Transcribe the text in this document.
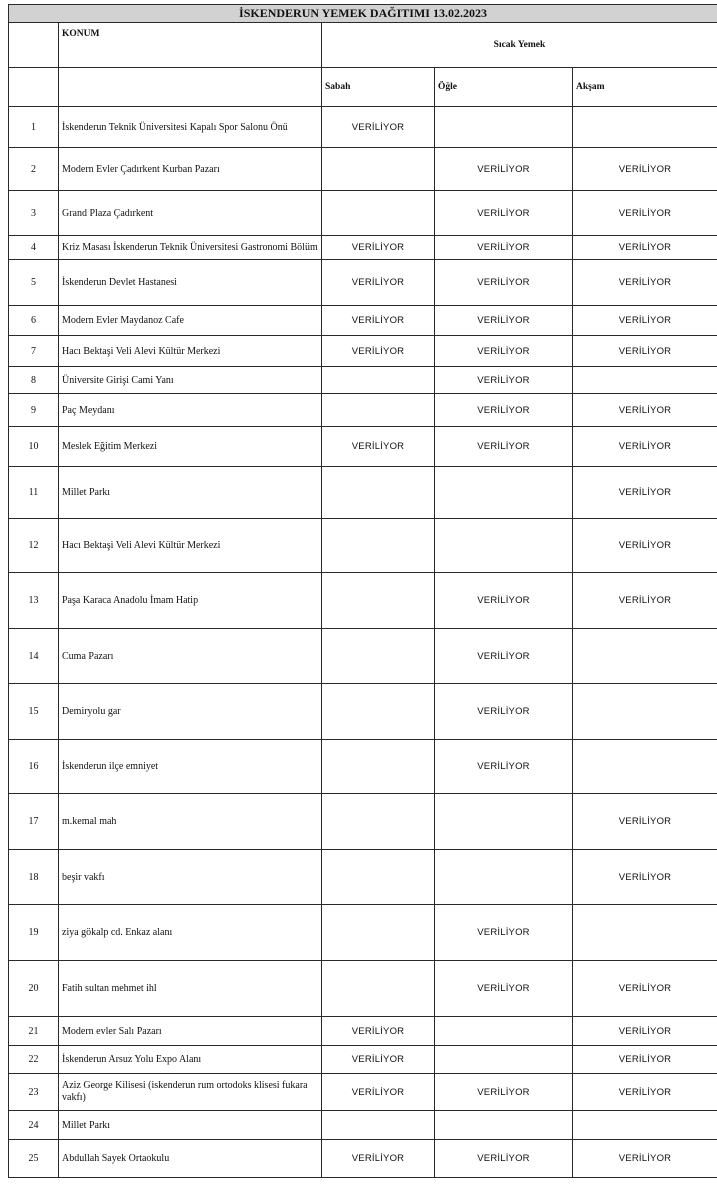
İSKENDERUN YEMEK DAĞITIMI 13.02.2023				
	KONUM	Sıcak Yemek		
		Sabah	Öğle	Akşam
1	İskenderun Teknik Üniversitesi Kapalı Spor Salonu Önü	VERİLİYOR		
2	Modern Evler Çadırkent Kurban Pazarı		VERİLİYOR	VERİLİYOR
3	Grand Plaza Çadırkent		VERİLİYOR	VERİLİYOR
4	Kriz Masası İskenderun Teknik Üniversitesi Gastronomi Bölüm	VERİLİYOR	VERİLİYOR	VERİLİYOR
5	İskenderun Devlet Hastanesi	VERİLİYOR	VERİLİYOR	VERİLİYOR
6	Modern Evler Maydanoz Cafe	VERİLİYOR	VERİLİYOR	VERİLİYOR
7	Hacı Bektaşi Veli Alevi Kültür Merkezi	VERİLİYOR	VERİLİYOR	VERİLİYOR
8	Üniversite Girişi Cami Yanı		VERİLİYOR	
9	Paç Meydanı		VERİLİYOR	VERİLİYOR
10	Meslek Eğitim Merkezi	VERİLİYOR	VERİLİYOR	VERİLİYOR
11	Millet Parkı			VERİLİYOR
12	Hacı Bektaşi Veli Alevi Kültür Merkezi			VERİLİYOR
13	Paşa Karaca Anadolu İmam Hatip		VERİLİYOR	VERİLİYOR
14	Cuma Pazarı		VERİLİYOR	
15	Demiryolu gar		VERİLİYOR	
16	İskenderun ilçe emniyet		VERİLİYOR	
17	m.kemal mah			VERİLİYOR
18	beşir vakfı			VERİLİYOR
19	ziya gökalp cd. Enkaz alanı		VERİLİYOR	
20	Fatih sultan mehmet ihl		VERİLİYOR	VERİLİYOR
21	Modern evler Salı Pazarı	VERİLİYOR		VERİLİYOR
22	İskenderun Arsuz Yolu Expo Alanı	VERİLİYOR		VERİLİYOR
23	Aziz George Kilisesi (iskenderun rum ortodoks klisesi fukara vakfı)	VERİLİYOR	VERİLİYOR	VERİLİYOR
24	Millet Parkı			
25	Abdullah Sayek Ortaokulu	VERİLİYOR	VERİLİYOR	VERİLİYOR
